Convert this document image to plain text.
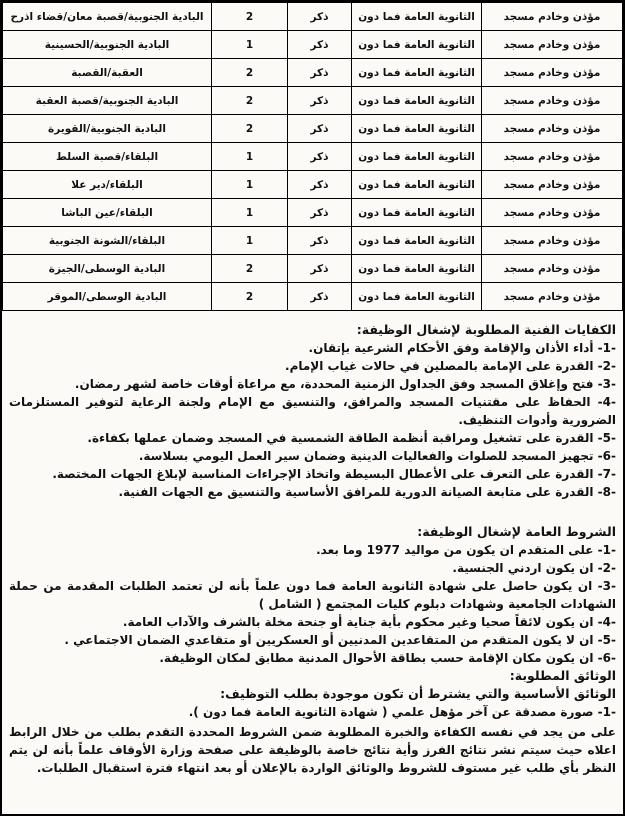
مؤذن وخادم مسجد	الثانوية العامة فما دون	ذكر	2	البادية الجنوبية/قصبة معان/قضاء اذرح
مؤذن وخادم مسجد	الثانوية العامة فما دون	ذكر	1	البادية الجنوبية/الحسينية
مؤذن وخادم مسجد	الثانوية العامة فما دون	ذكر	2	العقبة/القصبة
مؤذن وخادم مسجد	الثانوية العامة فما دون	ذكر	2	البادية الجنوبية/قصبة العقبة
مؤذن وخادم مسجد	الثانوية العامة فما دون	ذكر	2	البادية الجنوبية/القويرة
مؤذن وخادم مسجد	الثانوية العامة فما دون	ذكر	1	البلقاء/قصبة السلط
مؤذن وخادم مسجد	الثانوية العامة فما دون	ذكر	1	البلقاء/دير علا
مؤذن وخادم مسجد	الثانوية العامة فما دون	ذكر	1	البلقاء/عين الباشا
مؤذن وخادم مسجد	الثانوية العامة فما دون	ذكر	1	البلقاء/الشونة الجنوبية
مؤذن وخادم مسجد	الثانوية العامة فما دون	ذكر	2	البادية الوسطى/الجيزة
مؤذن وخادم مسجد	الثانوية العامة فما دون	ذكر	2	البادية الوسطى/الموقر
الكفايات الفنية المطلوبة لإشغال الوظيفة:
-1- أداء الأذان والإقامة وفق الأحكام الشرعية بإتقان.
-2- القدرة على الإمامة بالمصلين في حالات غياب الإمام.
-3- فتح وإغلاق المسجد وفق الجداول الزمنية المحددة، مع مراعاة أوقات خاصة لشهر رمضان.
-4- الحفاظ على مقتنيات المسجد والمرافق، والتنسيق مع الإمام ولجنة الرعاية لتوفير المستلزمات الضرورية وأدوات التنظيف.
-5- القدرة على تشغيل ومراقبة أنظمة الطاقة الشمسية في المسجد وضمان عملها بكفاءة.
-6- تجهيز المسجد للصلوات والفعاليات الدينية وضمان سير العمل اليومي بسلاسة.
-7- القدرة على التعرف على الأعطال البسيطة واتخاذ الإجراءات المناسبة لإبلاغ الجهات المختصة.
-8- القدرة على متابعة الصيانة الدورية للمرافق الأساسية والتنسيق مع الجهات الفنية.
الشروط العامة لإشغال الوظيفة:
-1- على المتقدم ان يكون من مواليد 1977 وما بعد.
-2- ان يكون اردني الجنسية.
-3- ان يكون حاصل على شهادة الثانوية العامة فما دون علماً بأنه لن تعتمد الطلبات المقدمة من حملة الشهادات الجامعية وشهادات دبلوم كليات المجتمع ( الشامل )
-4- ان يكون لائقاً صحيا وغير محكوم بأية جناية أو جنحة مخلة بالشرف والآداب العامة.
-5- ان لا يكون المتقدم من المتقاعدين المدنيين أو العسكريين أو متقاعدي الضمان الاجتماعي .
-6- ان يكون مكان الإقامة حسب بطاقة الأحوال المدنية مطابق لمكان الوظيفة.
الوثائق المطلوبة:
الوثائق الأساسية والتي يشترط أن تكون موجودة بطلب التوظيف:
-1- صورة مصدقة عن آخر مؤهل علمي ( شهادة الثانوية العامة فما دون ).
على من يجد في نفسه الكفاءة والخبرة المطلوبة ضمن الشروط المحددة التقدم بطلب من خلال الرابط اعلاه حيث سيتم نشر نتائج الفرز وأية نتائج خاصة بالوظيفة على صفحة وزارة الأوقاف علماً بأنه لن يتم النظر بأي طلب غير مستوف للشروط والوثائق الواردة بالإعلان أو بعد انتهاء فترة استقبال الطلبات.
